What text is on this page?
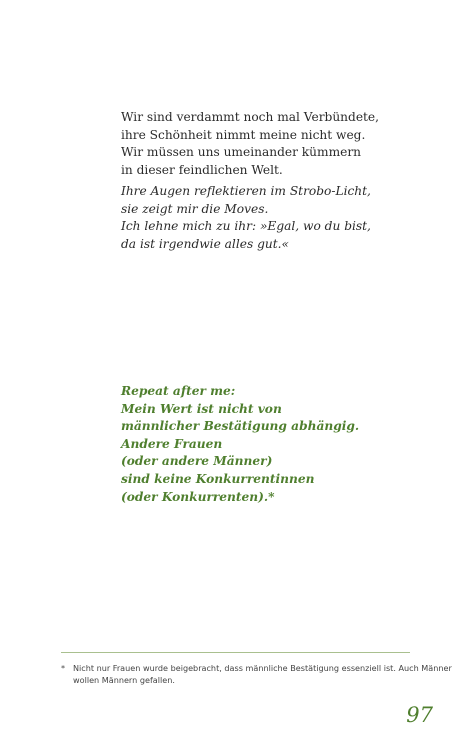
Wir sind verdammt noch mal Verbündete,
ihre Schönheit nimmt meine nicht weg.
Wir müssen uns umeinander kümmern
in dieser feindlichen Welt.
Ihre Augen reflektieren im Strobo-Licht,
sie zeigt mir die Moves.
Ich lehne mich zu ihr: »Egal, wo du bist,
da ist irgendwie alles gut.«
Repeat after me:
Mein Wert ist nicht von
männlicher Bestätigung abhängig.
Andere Frauen
(oder andere Männer)
sind keine Konkurrentinnen
(oder Konkurrenten).*
* Nicht nur Frauen wurde beigebracht, dass männliche Bestätigung essenziell ist. Auch Männer
wollen Männern gefallen.
97
